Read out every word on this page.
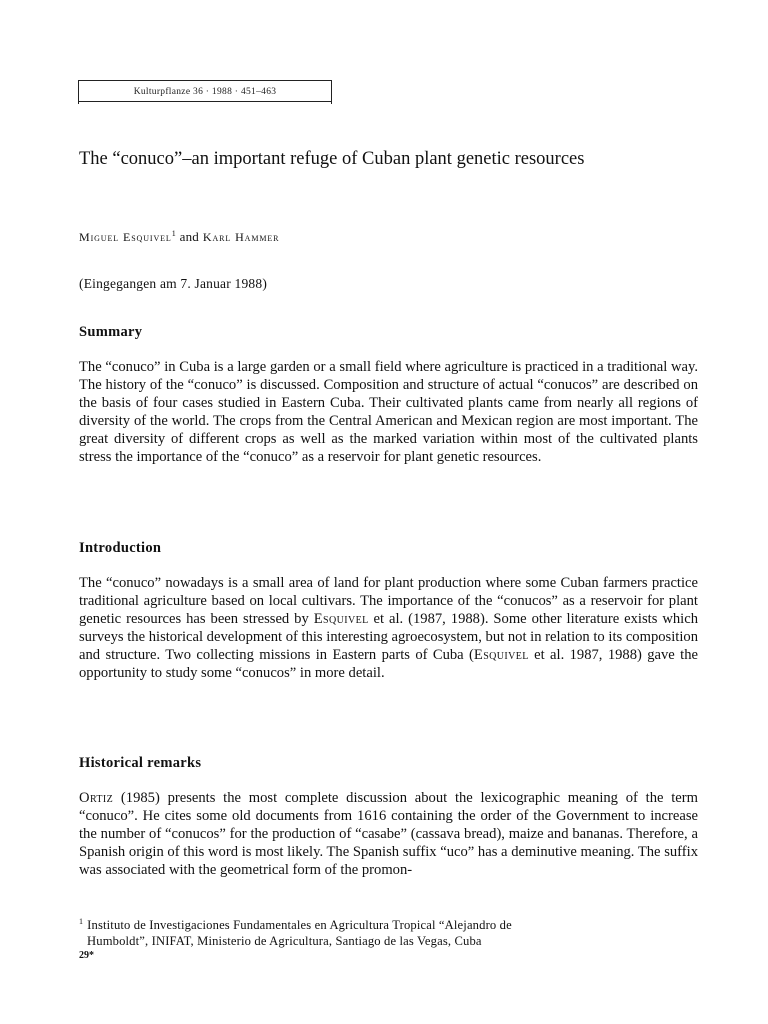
Kulturpflanze 36 · 1988 · 451–463
The “conuco”–an important refuge of Cuban plant genetic resources

Miguel Esquivel$^1$ and Karl Hammer

(Eingegangen am 7. Januar 1988)

Summary

The “conuco” in Cuba is a large garden or a small field where agriculture is practiced in a traditional way. The history of the “conuco” is discussed. Composition and structure of actual “conucos” are described on the basis of four cases studied in Eastern Cuba. Their cultivated plants came from nearly all regions of diversity of the world. The crops from the Central American and Mexican region are most important. The great diversity of different crops as well as the marked variation within most of the cultivated plants stress the importance of the “conuco” as a reservoir for plant genetic resources.

Introduction

The “conuco” nowadays is a small area of land for plant production where some Cuban farmers practice traditional agriculture based on local cultivars. The importance of the “conucos” as a reservoir for plant genetic resources has been stressed by Esquivel et al. (1987, 1988). Some other literature exists which surveys the historical development of this interesting agroecosystem, but not in relation to its composition and structure. Two collecting missions in Eastern parts of Cuba (Esquivel et al. 1987, 1988) gave the opportunity to study some “conucos” in more detail.

Historical remarks

Ortiz (1985) presents the most complete discussion about the lexicographic meaning of the term “conuco”. He cites some old documents from 1616 containing the order of the Government to increase the number of “conucos” for the production of “casabe” (cassava bread), maize and bananas. Therefore, a Spanish origin of this word is most likely. The Spanish suffix “uco” has a deminutive meaning. The suffix was associated with the geometrical form of the promon-

$^1$ Instituto de Investigaciones Fundamentales en Agricultura Tropical “Alejandro de
Humboldt”, INIFAT, Ministerio de Agricultura, Santiago de las Vegas, Cuba

29*
